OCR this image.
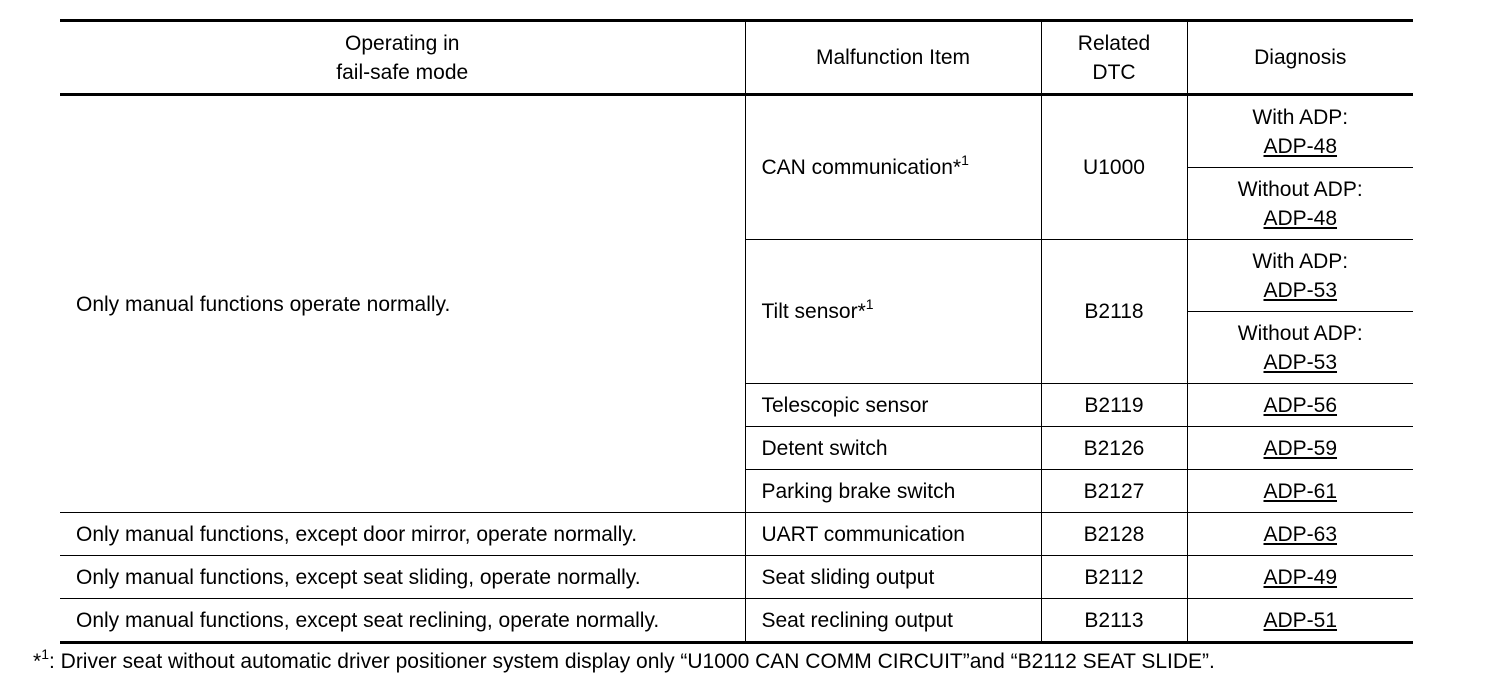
Operating in
fail-safe mode	Malfunction Item	Related
DTC	Diagnosis
Only manual functions operate normally.	CAN communication*$^1$	U1000	With ADP:
ADP-48
			Without ADP:
ADP-48
	Tilt sensor*$^1$	B2118	With ADP:
ADP-53
			Without ADP:
ADP-53
	Telescopic sensor	B2119	ADP-56
	Detent switch	B2126	ADP-59
	Parking brake switch	B2127	ADP-61
Only manual functions, except door mirror, operate normally.	UART communication	B2128	ADP-63
Only manual functions, except seat sliding, operate normally.	Seat sliding output	B2112	ADP-49
Only manual functions, except seat reclining, operate normally.	Seat reclining output	B2113	ADP-51
*$^1$: Driver seat without automatic driver positioner system display only “U1000 CAN COMM CIRCUIT”and “B2112 SEAT SLIDE”.
